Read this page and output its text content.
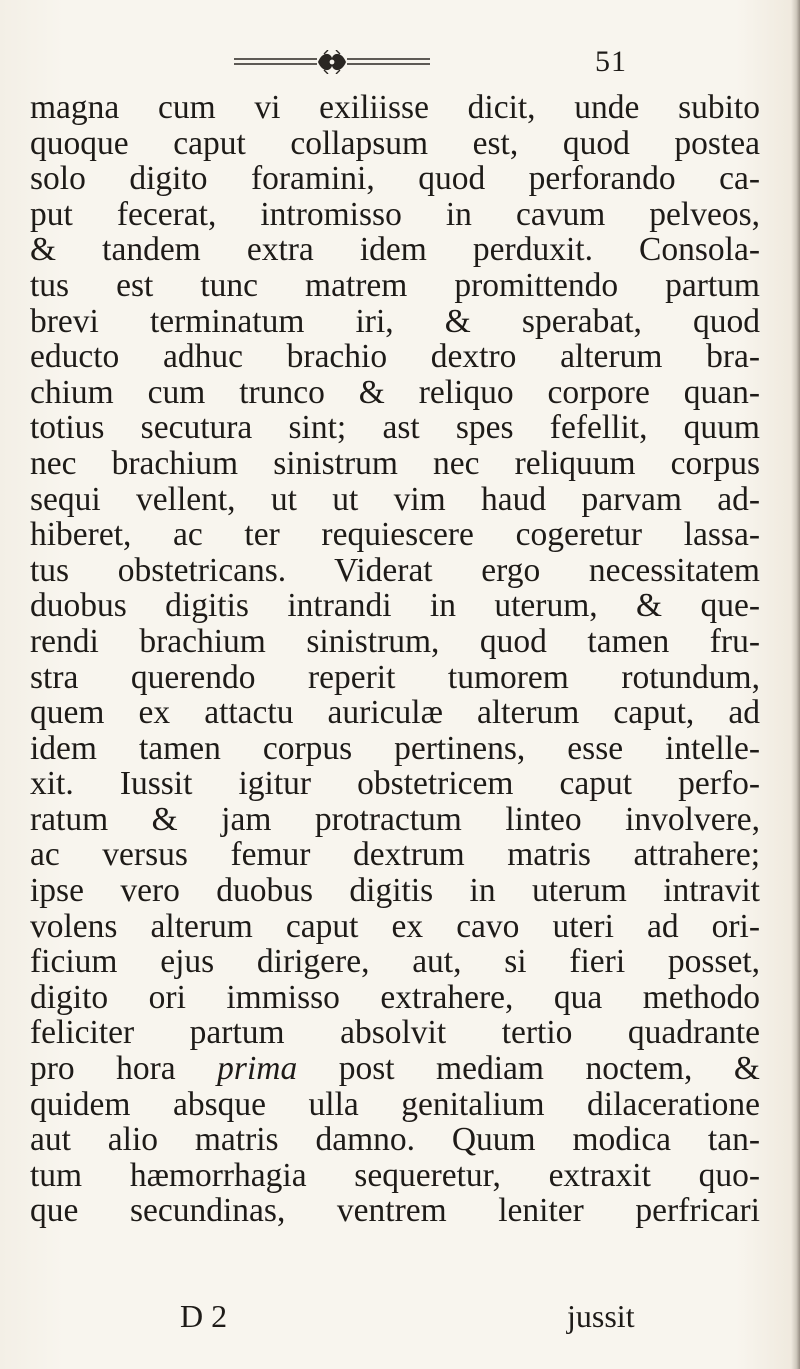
51
magna cum vi exiliisse dicit, unde subito
quoque caput collapsum est, quod postea
solo digito foramini, quod perforando ca-
put fecerat, intromisso in cavum pelveos,
& tandem extra idem perduxit. Consola-
tus est tunc matrem promittendo partum
brevi terminatum iri, & sperabat, quod
educto adhuc brachio dextro alterum bra-
chium cum trunco & reliquo corpore quan-
totius secutura sint; ast spes fefellit, quum
nec brachium sinistrum nec reliquum corpus
sequi vellent, ut ut vim haud parvam ad-
hiberet, ac ter requiescere cogeretur lassa-
tus obstetricans. Viderat ergo necessitatem
duobus digitis intrandi in uterum, & que-
rendi brachium sinistrum, quod tamen fru-
stra querendo reperit tumorem rotundum,
quem ex attactu auriculæ alterum caput, ad
idem tamen corpus pertinens, esse intelle-
xit. Iussit igitur obstetricem caput perfo-
ratum & jam protractum linteo involvere,
ac versus femur dextrum matris attrahere;
ipse vero duobus digitis in uterum intravit
volens alterum caput ex cavo uteri ad ori-
ficium ejus dirigere, aut, si fieri posset,
digito ori immisso extrahere, qua methodo
feliciter partum absolvit tertio quadrante
pro hora prima post mediam noctem, &
quidem absque ulla genitalium dilaceratione
aut alio matris damno. Quum modica tan-
tum hæmorrhagia sequeretur, extraxit quo-
que secundinas, ventrem leniter perfricari
D 2	jussit
